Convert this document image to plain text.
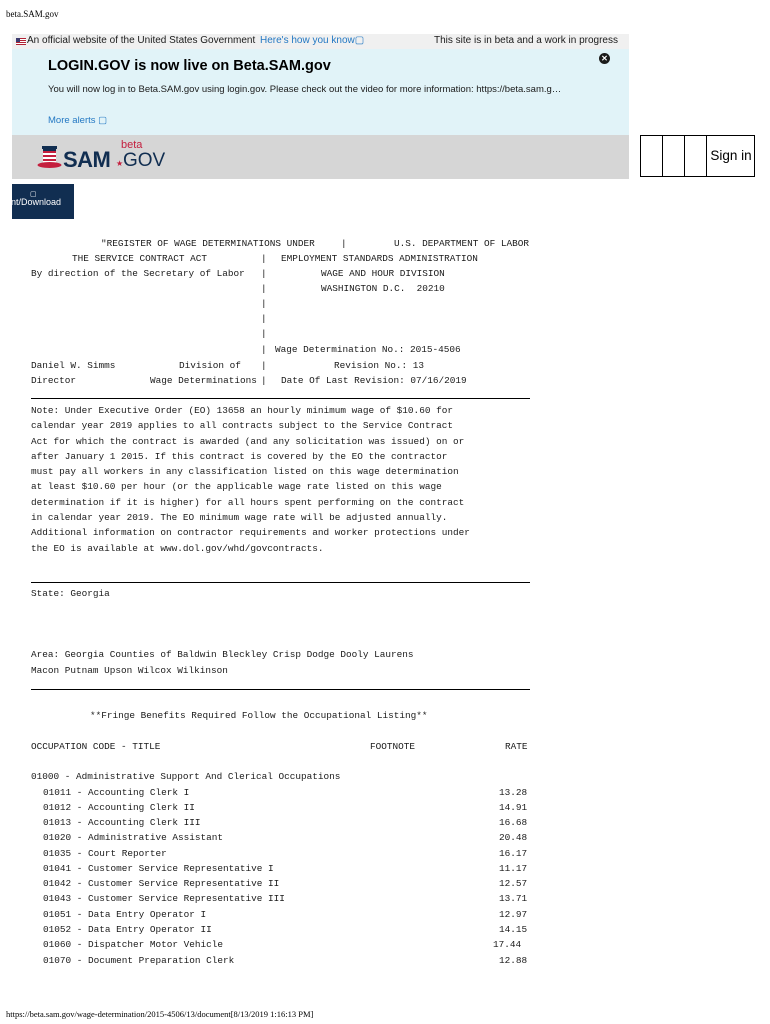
beta.SAM.gov
An official website of the United States Government Here's how you know▢	This site is in beta and a work in progress
LOGIN.GOV is now live on Beta.SAM.gov
You will now log in to Beta.SAM.gov using login.gov. Please check out the video for more information: https://beta.sam.g…
More alerts ▢
✕
SAM ★ GOV
beta
Sign in
▢
Print/Download
"REGISTER OF WAGE DETERMINATIONS UNDER	|	U.S. DEPARTMENT OF LABOR
THE SERVICE CONTRACT ACT	| EMPLOYMENT STANDARDS ADMINISTRATION
By direction of the Secretary of Labor |	WAGE AND HOUR DIVISION
|	WASHINGTON D.C.  20210
|
|
|
| Wage Determination No.: 2015-4506
Daniel W. Simms	Division of |	Revision No.: 13
Director	Wage Determinations | Date Of Last Revision: 07/16/2019
Note: Under Executive Order (EO) 13658 an hourly minimum wage of $10.60 for
calendar year 2019 applies to all contracts subject to the Service Contract
Act for which the contract is awarded (and any solicitation was issued) on or
after January 1 2015. If this contract is covered by the EO the contractor
must pay all workers in any classification listed on this wage determination
at least $10.60 per hour (or the applicable wage rate listed on this wage
determination if it is higher) for all hours spent performing on the contract
in calendar year 2019. The EO minimum wage rate will be adjusted annually.
Additional information on contractor requirements and worker protections under
the EO is available at www.dol.gov/whd/govcontracts.
State: Georgia
Area: Georgia Counties of Baldwin Bleckley Crisp Dodge Dooly Laurens
Macon Putnam Upson Wilcox Wilkinson
**Fringe Benefits Required Follow the Occupational Listing**
OCCUPATION CODE - TITLE	FOOTNOTE	RATE
01000 - Administrative Support And Clerical Occupations
01011 - Accounting Clerk I	13.28
01012 - Accounting Clerk II	14.91
01013 - Accounting Clerk III	16.68
01020 - Administrative Assistant	20.48
01035 - Court Reporter	16.17
01041 - Customer Service Representative I	11.17
01042 - Customer Service Representative II	12.57
01043 - Customer Service Representative III	13.71
01051 - Data Entry Operator I	12.97
01052 - Data Entry Operator II	14.15
01060 - Dispatcher Motor Vehicle	17.44
01070 - Document Preparation Clerk	12.88
https://beta.sam.gov/wage-determination/2015-4506/13/document[8/13/2019 1:16:13 PM]
